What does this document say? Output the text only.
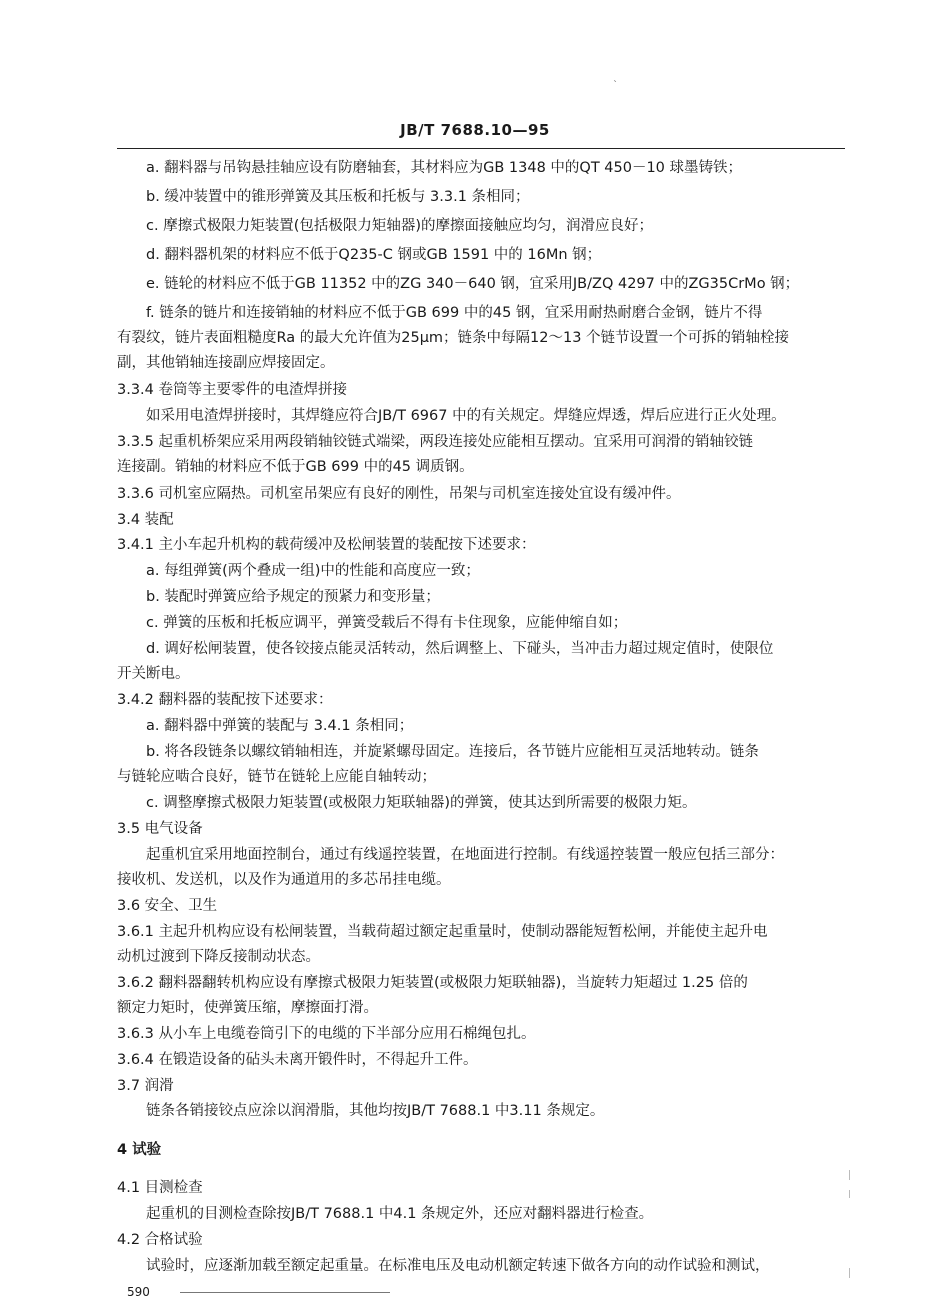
`
JB/T 7688.10—95
a. 翻料器与吊钩悬挂轴应设有防磨轴套，其材料应为GB 1348 中的QT 450－10 球墨铸铁；
b. 缓冲装置中的锥形弹簧及其压板和托板与 3.3.1 条相同；
c. 摩擦式极限力矩装置(包括极限力矩轴器)的摩擦面接触应均匀，润滑应良好；
d. 翻料器机架的材料应不低于Q235-C 钢或GB 1591 中的 16Mn 钢；
e. 链轮的材料应不低于GB 11352 中的ZG 340－640 钢，宜采用JB/ZQ 4297 中的ZG35CrMo 钢；
f. 链条的链片和连接销轴的材料应不低于GB 699 中的45 钢，宜采用耐热耐磨合金钢，链片不得
有裂纹，链片表面粗糙度Ra 的最大允许值为25μm；链条中每隔12～13 个链节设置一个可拆的销轴栓接
副，其他销轴连接副应焊接固定。
3.3.4 卷筒等主要零件的电渣焊拼接
如采用电渣焊拼接时，其焊缝应符合JB/T 6967 中的有关规定。焊缝应焊透，焊后应进行正火处理。
3.3.5 起重机桥架应采用两段销轴铰链式端梁，两段连接处应能相互摆动。宜采用可润滑的销轴铰链
连接副。销轴的材料应不低于GB 699 中的45 调质钢。
3.3.6 司机室应隔热。司机室吊架应有良好的刚性，吊架与司机室连接处宜设有缓冲件。
3.4 装配
3.4.1 主小车起升机构的载荷缓冲及松闸装置的装配按下述要求：
a. 每组弹簧(两个叠成一组)中的性能和高度应一致；
b. 装配时弹簧应给予规定的预紧力和变形量；
c. 弹簧的压板和托板应调平，弹簧受载后不得有卡住现象，应能伸缩自如；
d. 调好松闸装置，使各铰接点能灵活转动，然后调整上、下碰头，当冲击力超过规定值时，使限位
开关断电。
3.4.2 翻料器的装配按下述要求：
a. 翻料器中弹簧的装配与 3.4.1 条相同；
b. 将各段链条以螺纹销轴相连，并旋紧螺母固定。连接后，各节链片应能相互灵活地转动。链条
与链轮应啮合良好，链节在链轮上应能自轴转动；
c. 调整摩擦式极限力矩装置(或极限力矩联轴器)的弹簧，使其达到所需要的极限力矩。
3.5 电气设备
起重机宜采用地面控制台，通过有线遥控装置，在地面进行控制。有线遥控装置一般应包括三部分：
接收机、发送机，以及作为通道用的多芯吊挂电缆。
3.6 安全、卫生
3.6.1 主起升机构应设有松闸装置，当载荷超过额定起重量时，使制动器能短暂松闸，并能使主起升电
动机过渡到下降反接制动状态。
3.6.2 翻料器翻转机构应设有摩擦式极限力矩装置(或极限力矩联轴器)，当旋转力矩超过 1.25 倍的
额定力矩时，使弹簧压缩，摩擦面打滑。
3.6.3 从小车上电缆卷筒引下的电缆的下半部分应用石棉绳包扎。
3.6.4 在锻造设备的砧头未离开锻件时，不得起升工件。
3.7 润滑
链条各销接铰点应涂以润滑脂，其他均按JB/T 7688.1 中3.11 条规定。
4 试验
4.1 目测检查
起重机的目测检查除按JB/T 7688.1 中4.1 条规定外，还应对翻料器进行检查。
4.2 合格试验
试验时，应逐渐加载至额定起重量。在标准电压及电动机额定转速下做各方向的动作试验和测试，
590
